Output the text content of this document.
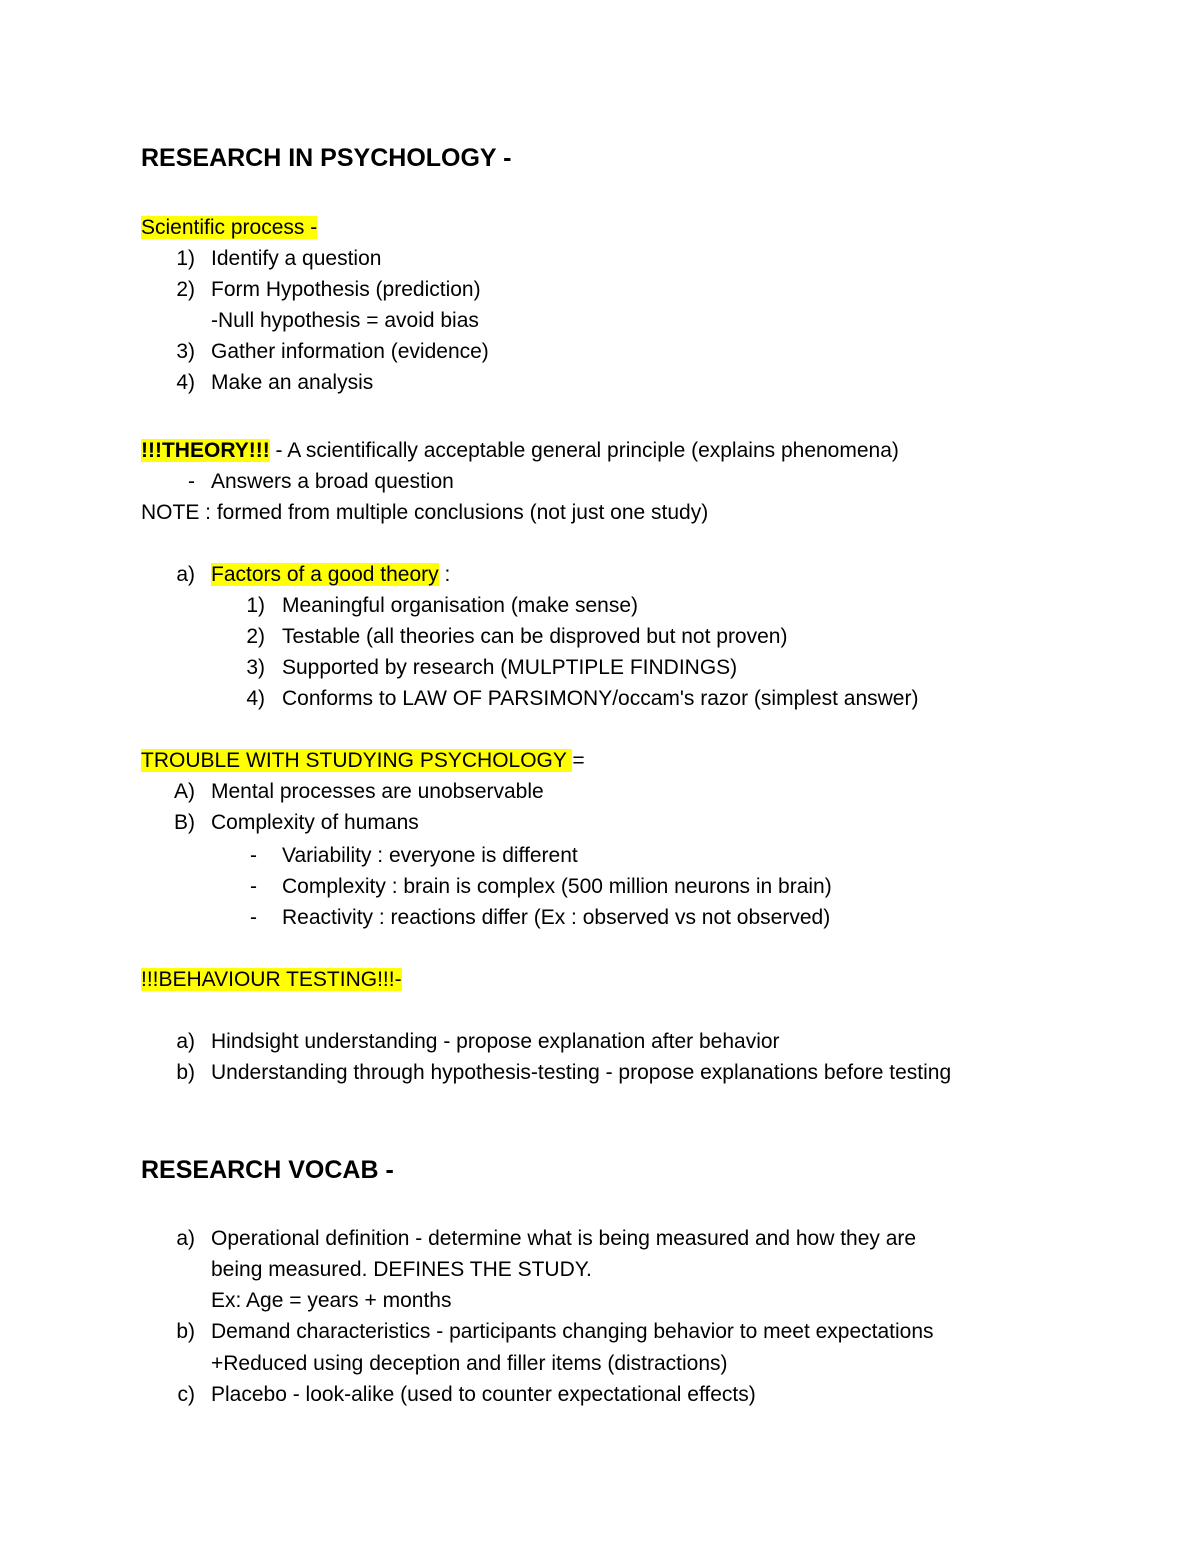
RESEARCH IN PSYCHOLOGY -
Scientific process -
1) Identify a question
2) Form Hypothesis (prediction)
-Null hypothesis = avoid bias
3) Gather information (evidence)
4) Make an analysis
!!!THEORY!!! - A scientifically acceptable general principle (explains phenomena)
- Answers a broad question
NOTE : formed from multiple conclusions (not just one study)
a) Factors of a good theory :
1) Meaningful organisation (make sense)
2) Testable (all theories can be disproved but not proven)
3) Supported by research (MULPTIPLE FINDINGS)
4) Conforms to LAW OF PARSIMONY/occam's razor (simplest answer)
TROUBLE WITH STUDYING PSYCHOLOGY =
A) Mental processes are unobservable
B) Complexity of humans
- Variability : everyone is different
- Complexity : brain is complex (500 million neurons in brain)
- Reactivity : reactions differ (Ex : observed vs not observed)
!!!BEHAVIOUR TESTING!!!-
a) Hindsight understanding - propose explanation after behavior
b) Understanding through hypothesis-testing - propose explanations before testing
RESEARCH VOCAB -
a) Operational definition - determine what is being measured and how they are
being measured. DEFINES THE STUDY.
Ex: Age = years + months
b) Demand characteristics - participants changing behavior to meet expectations
+Reduced using deception and filler items (distractions)
c) Placebo - look-alike (used to counter expectational effects)
